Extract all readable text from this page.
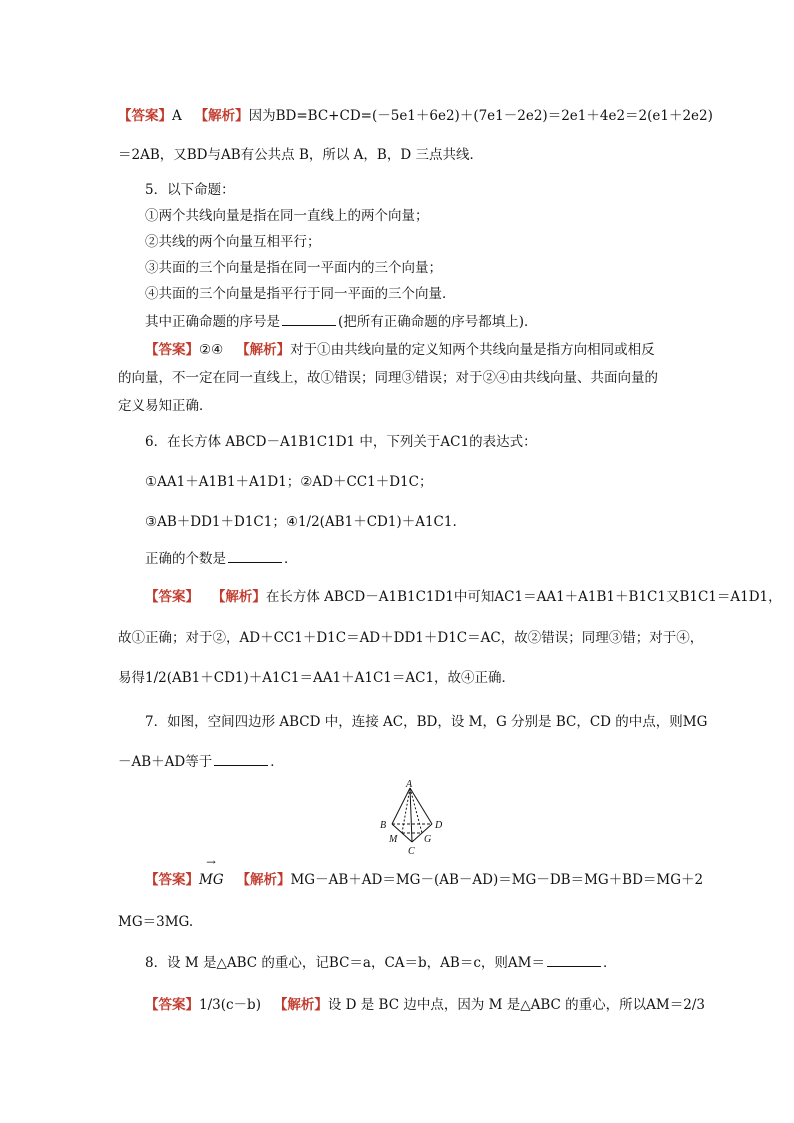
【答案】A 【解析】因为BD=BC+CD=(－5e1＋6e2)＋(7e1－2e2)＝2e1＋4e2＝2(e1＋2e2)
＝2AB，又BD与AB有公共点 B，所以 A，B，D 三点共线．
5．以下命题：
①两个共线向量是指在同一直线上的两个向量；
②共线的两个向量互相平行；
③共面的三个向量是指在同一平面内的三个向量；
④共面的三个向量是指平行于同一平面的三个向量．
其中正确命题的序号是	(把所有正确命题的序号都填上)．
【答案】②④ 【解析】对于①由共线向量的定义知两个共线向量是指方向相同或相反
的向量，不一定在同一直线上，故①错误；同理③错误；对于②④由共线向量、共面向量的
定义易知正确．
6．在长方体 ABCD－A1B1C1D1 中，下列关于AC1的表达式：
①AA1＋A1B1＋A1D1；②AD＋CC1＋D1C；
③AB＋DD1＋D1C1；④1/2(AB1＋CD1)＋A1C1.
正确的个数是	．
【答案】 【解析】在长方体 ABCD－A1B1C1D1中可知AC1＝AA1＋A1B1＋B1C1又B1C1＝A1D1，
故①正确；对于②，AD＋CC1＋D1C＝AD＋DD1＋D1C＝AC，故②错误；同理③错；对于④，
易得1/2(AB1＋CD1)＋A1C1＝AA1＋A1C1＝AC1，故④正确．
7．如图，空间四边形 ABCD 中，连接 AC，BD，设 M，G 分别是 BC，CD 的中点，则MG
－AB＋AD等于	．
A
B	D
M	G
C
【答案】→ MG 【解析】MG－AB＋AD＝MG－(AB－AD)＝MG－DB＝MG＋BD＝MG＋2
MG＝3MG.
8．设 M 是△ABC 的重心，记BC＝a，CA＝b，AB＝c，则AM＝	．
【答案】1/3(c－b) 【解析】设 D 是 BC 边中点，因为 M 是△ABC 的重心，所以AM＝2/3
